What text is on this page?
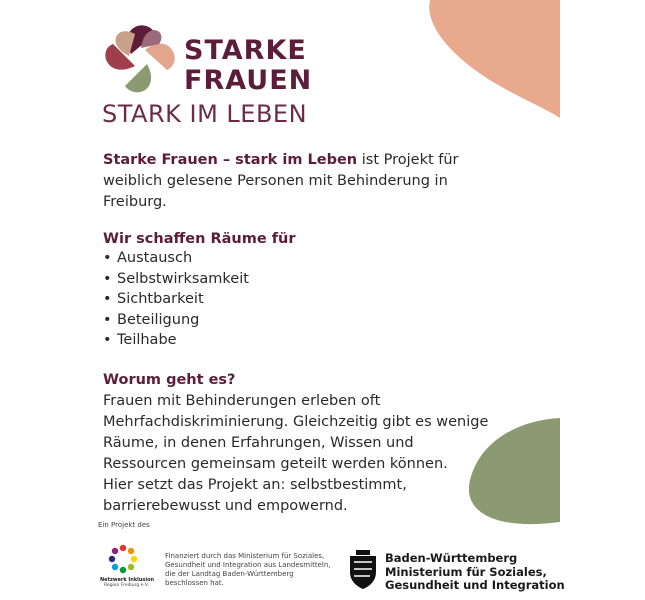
STARKE
FRAUEN
STARK IM LEBEN
Starke Frauen – stark im Leben ist Projekt für
weiblich gelesene Personen mit Behinderung in
Freiburg.
Wir schaffen Räume für
• Austausch
• Selbstwirksamkeit
• Sichtbarkeit
• Beteiligung
• Teilhabe
Worum geht es?
Frauen mit Behinderungen erleben oft
Mehrfachdiskriminierung. Gleichzeitig gibt es wenige
Räume, in denen Erfahrungen, Wissen und
Ressourcen gemeinsam geteilt werden können.
Hier setzt das Projekt an: selbstbestimmt,
barrierebewusst und empowernd.
Ein Projekt des
Netzwerk Inklusion
Region Freiburg e.V.
Finanziert durch das Ministerium für Soziales,
Gesundheit und Integration aus Landesmitteln,
die der Landtag Baden-Württemberg
beschlossen hat.
Baden-Württemberg
Ministerium für Soziales,
Gesundheit und Integration
